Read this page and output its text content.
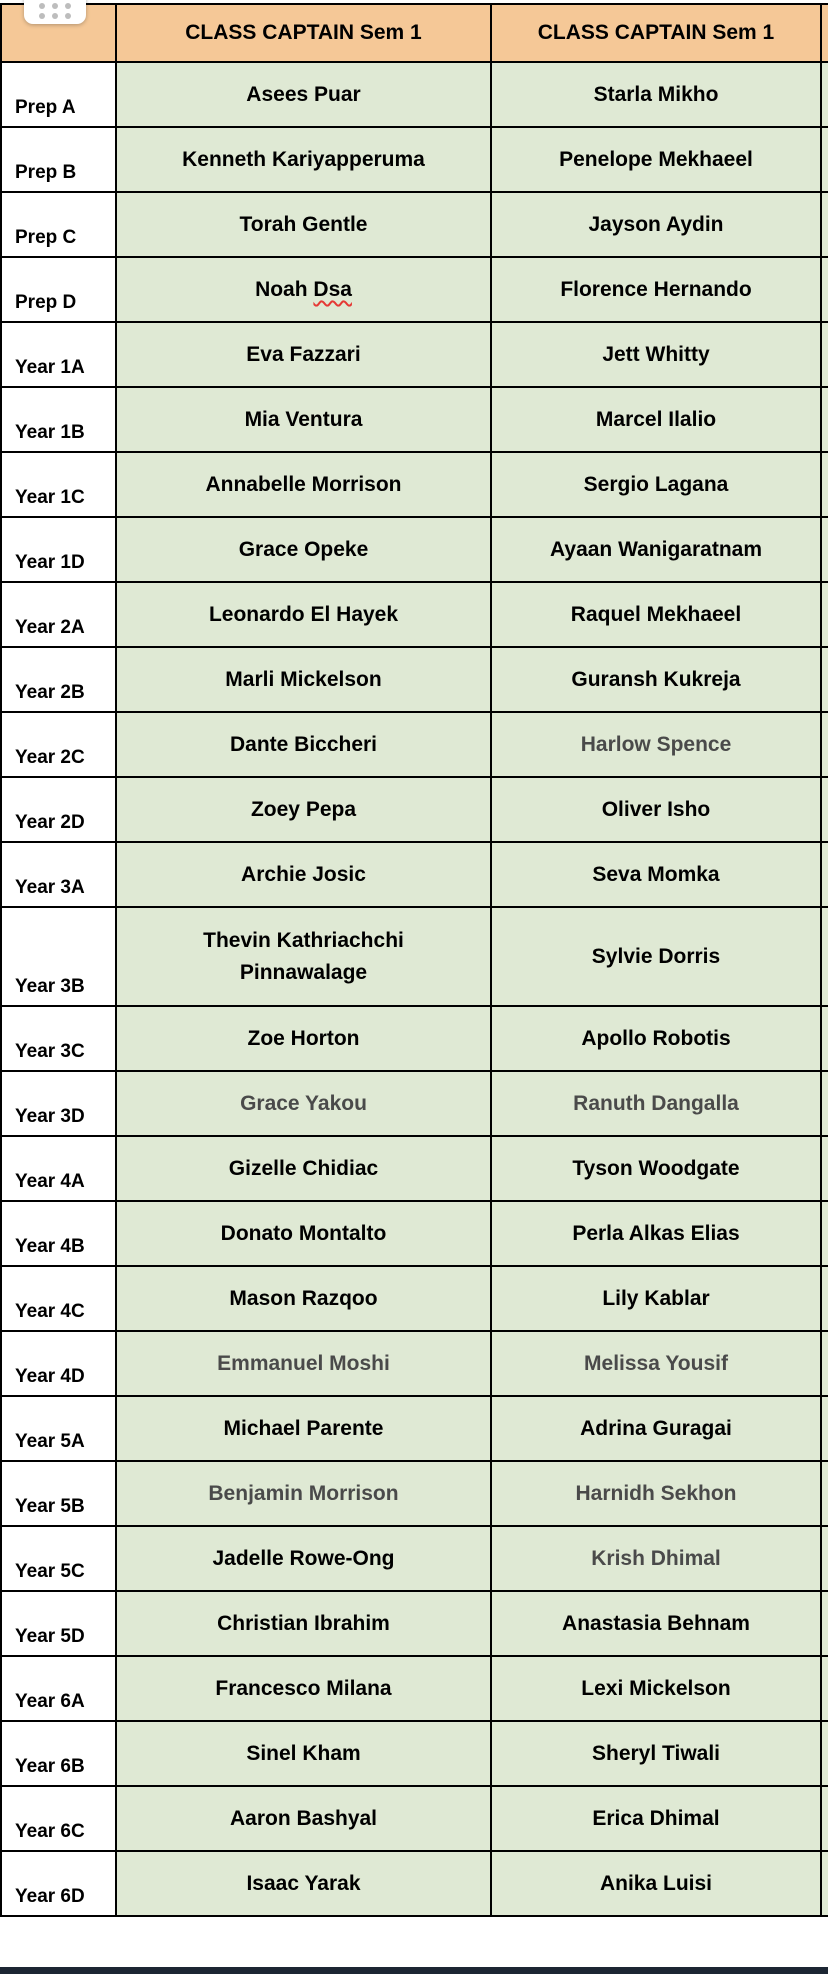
	CLASS CAPTAIN Sem 1	CLASS CAPTAIN Sem 1	
Prep A	Asees Puar	Starla Mikho	
Prep B	Kenneth Kariyapperuma	Penelope Mekhaeel	
Prep C	Torah Gentle	Jayson Aydin	
Prep D	Noah Dsa	Florence Hernando	
Year 1A	Eva Fazzari	Jett Whitty	
Year 1B	Mia Ventura	Marcel Ilalio	
Year 1C	Annabelle Morrison	Sergio Lagana	
Year 1D	Grace Opeke	Ayaan Wanigaratnam	
Year 2A	Leonardo El Hayek	Raquel Mekhaeel	
Year 2B	Marli Mickelson	Guransh Kukreja	
Year 2C	Dante Biccheri	Harlow Spence	
Year 2D	Zoey Pepa	Oliver Isho	
Year 3A	Archie Josic	Seva Momka	
Year 3B	Thevin Kathriachchi Pinnawalage	Sylvie Dorris	
Year 3C	Zoe Horton	Apollo Robotis	
Year 3D	Grace Yakou	Ranuth Dangalla	
Year 4A	Gizelle Chidiac	Tyson Woodgate	
Year 4B	Donato Montalto	Perla Alkas Elias	
Year 4C	Mason Razqoo	Lily Kablar	
Year 4D	Emmanuel Moshi	Melissa Yousif	
Year 5A	Michael Parente	Adrina Guragai	
Year 5B	Benjamin Morrison	Harnidh Sekhon	
Year 5C	Jadelle Rowe-Ong	Krish Dhimal	
Year 5D	Christian Ibrahim	Anastasia Behnam	
Year 6A	Francesco Milana	Lexi Mickelson	
Year 6B	Sinel Kham	Sheryl Tiwali	
Year 6C	Aaron Bashyal	Erica Dhimal	
Year 6D	Isaac Yarak	Anika Luisi	
